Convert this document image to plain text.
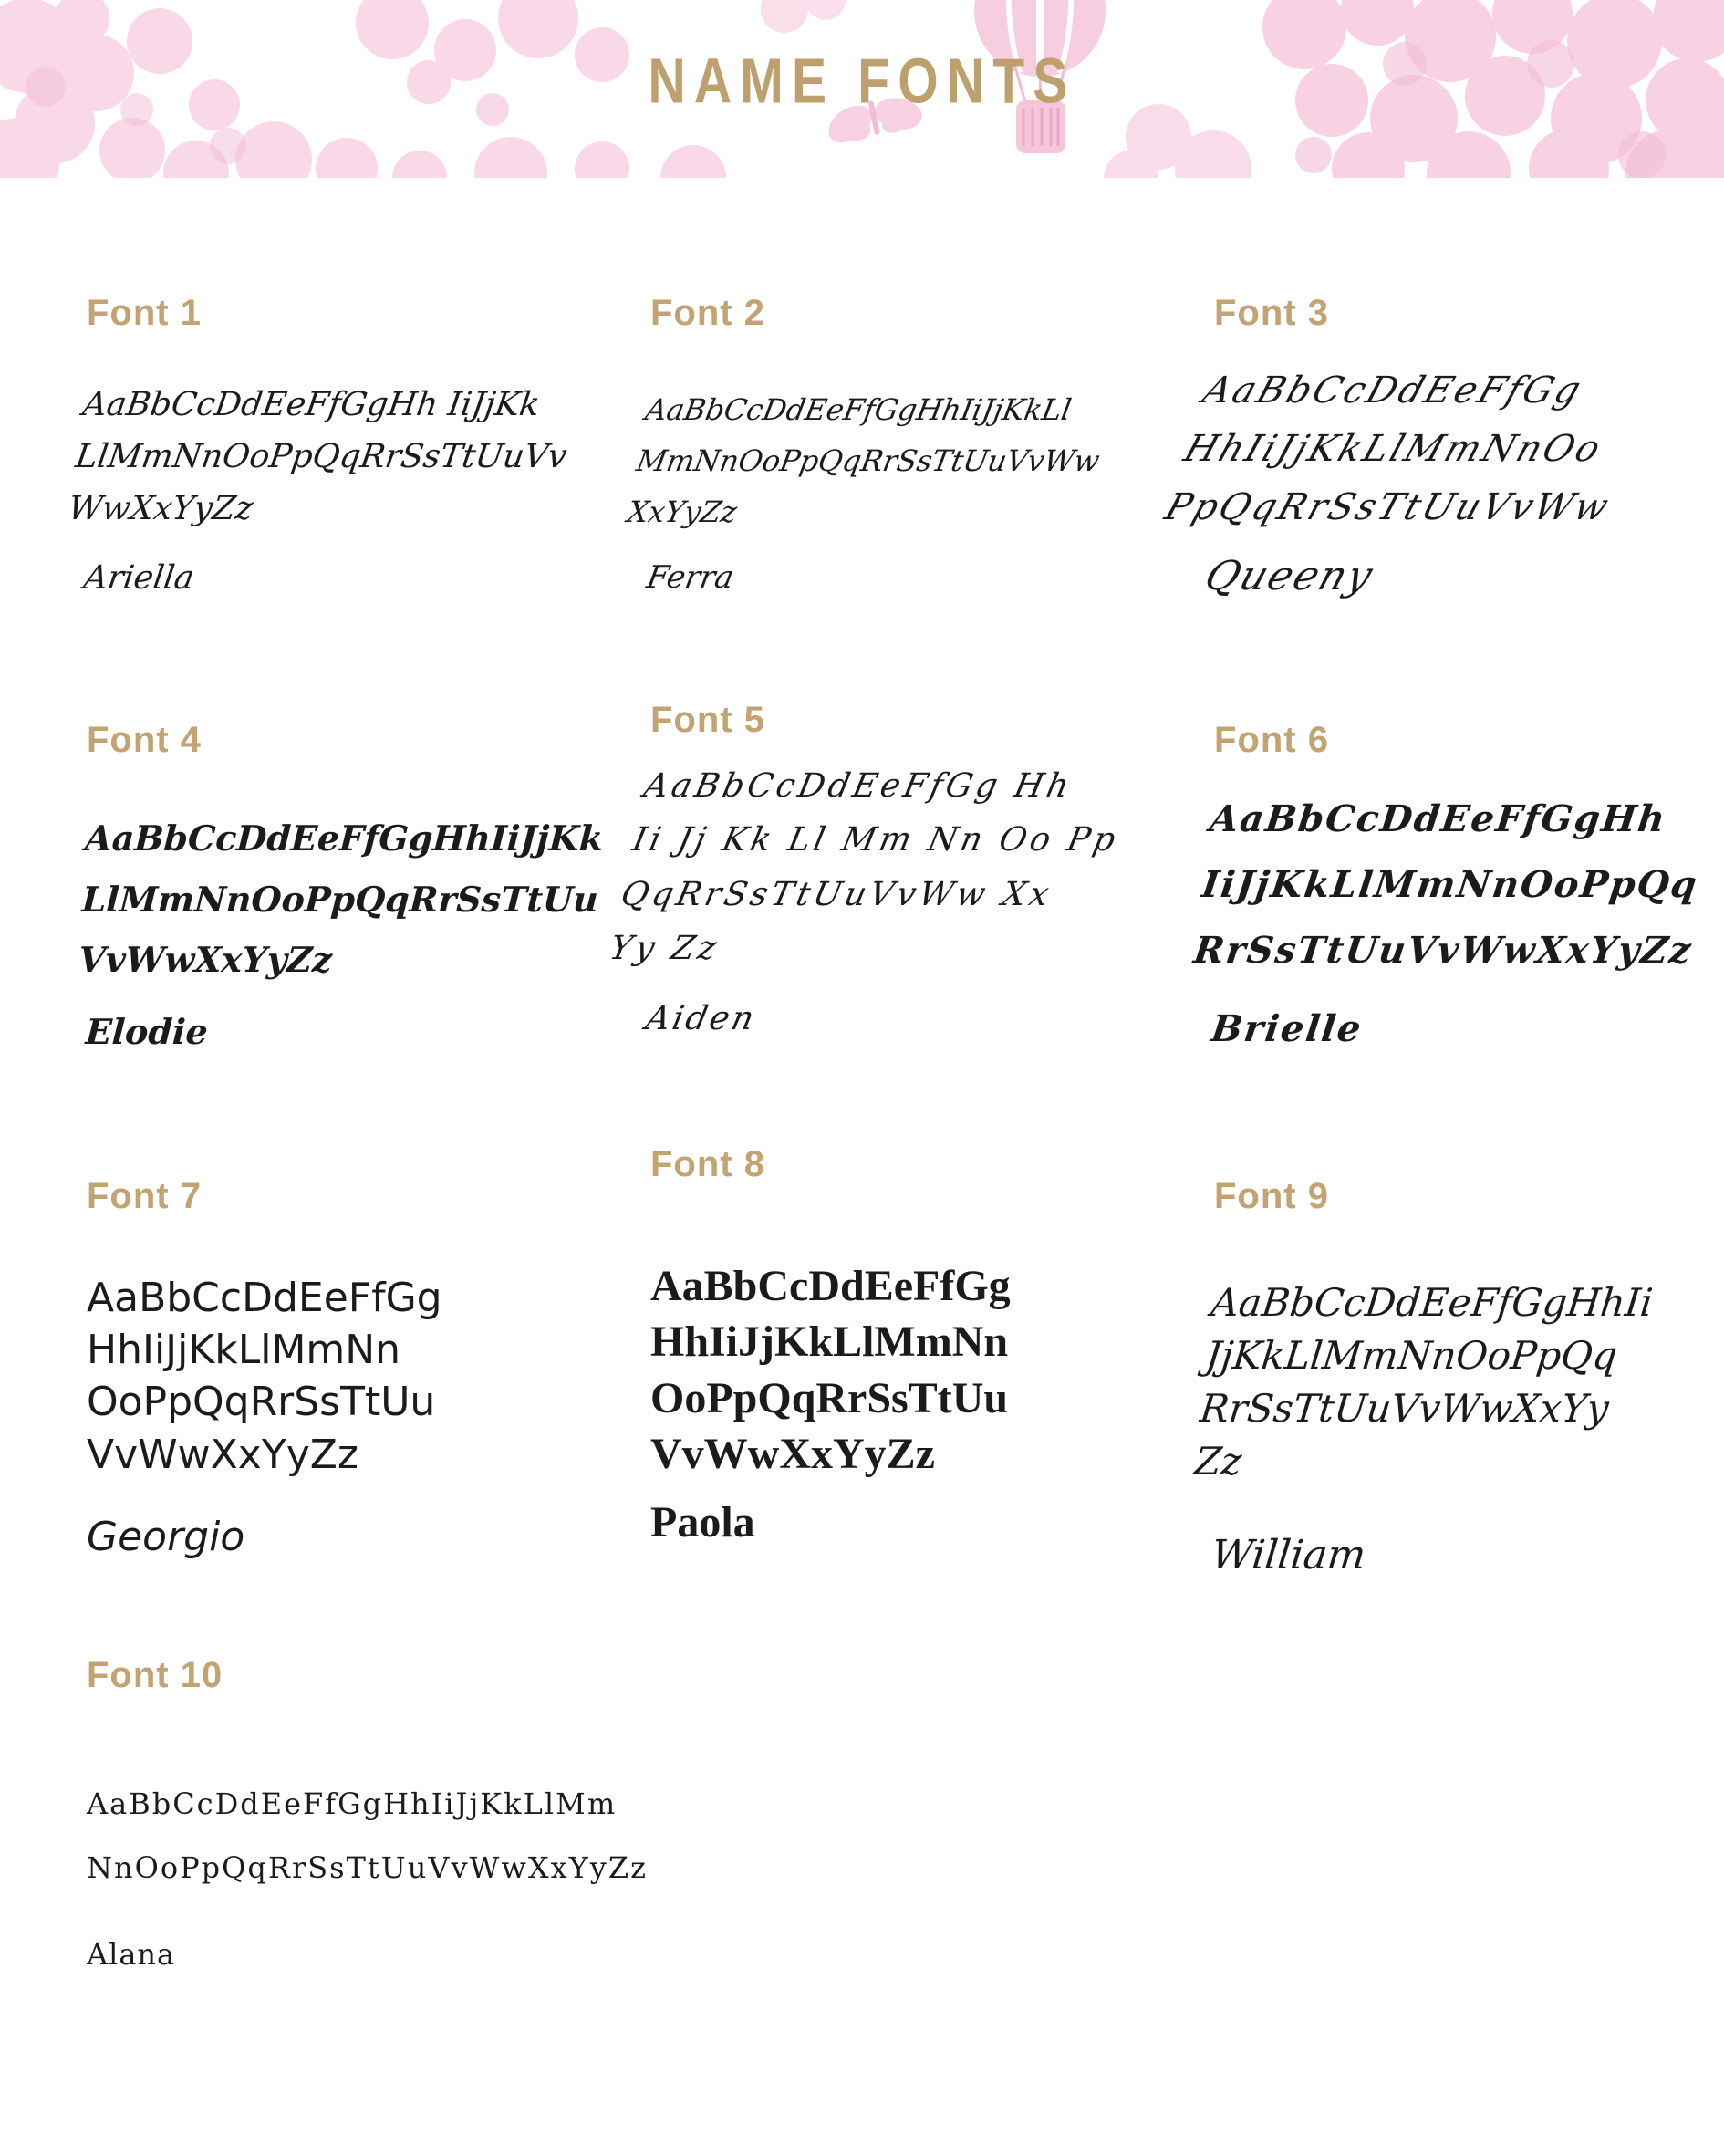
NAME FONTS
Font 1
AaBbCcDdEeFfGgHh IiJjKk
LlMmNnOoPpQqRrSsTtUuVv
WwXxYyZz
Ariella
Font 2
AaBbCcDdEeFfGgHhIiJjKkLl
MmNnOoPpQqRrSsTtUuVvWw
XxYyZz
Ferra
Font 3
AaBbCcDdEeFfGg
HhIiJjKkLlMmNnOo
PpQqRrSsTtUuVvWw
Queeny
Font 4
AaBbCcDdEeFfGgHhIiJjKk
LlMmNnOoPpQqRrSsTtUu
VvWwXxYyZz
Elodie
Font 5
AaBbCcDdEeFfGg Hh
Ii Jj Kk Ll Mm Nn Oo Pp
QqRrSsTtUuVvWw Xx
Yy Zz
Aiden
Font 6
AaBbCcDdEeFfGgHh
IiJjKkLlMmNnOoPpQq
RrSsTtUuVvWwXxYyZz
Brielle
Font 7
AaBbCcDdEeFfGg
HhIiJjKkLlMmNn
OoPpQqRrSsTtUu
VvWwXxYyZz
Georgio
Font 8
AaBbCcDdEeFfGg
HhIiJjKkLlMmNn
OoPpQqRrSsTtUu
VvWwXxYyZz
Paola
Font 9
AaBbCcDdEeFfGgHhIi
JjKkLlMmNnOoPpQq
RrSsTtUuVvWwXxYy
Zz
William
Font 10
AaBbCcDdEeFfGgHhIiJjKkLlMm
NnOoPpQqRrSsTtUuVvWwXxYyZz
Alana
